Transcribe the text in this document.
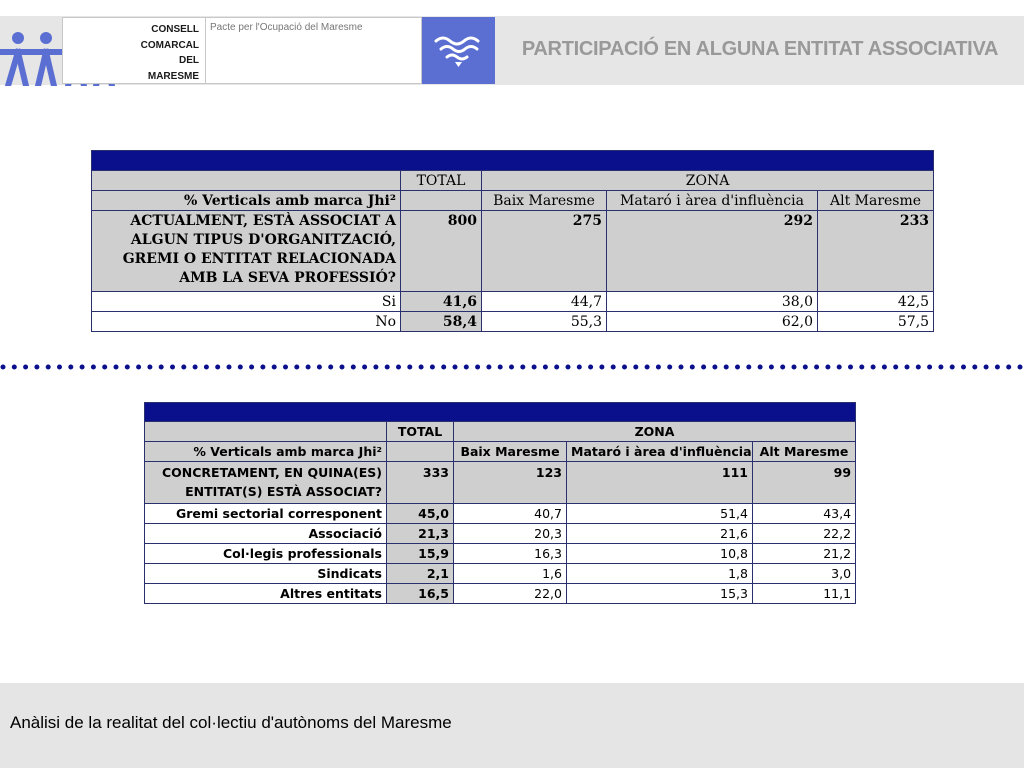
CONSELL
COMARCAL
DEL
MARESME
Pacte per l'Ocupació del Maresme
PARTICIPACIÓ EN ALGUNA ENTITAT ASSOCIATIVA

	TOTAL	ZONA		
% Verticals amb marca Jhi²		Baix Maresme	Mataró i àrea d'influència	Alt Maresme

ACTUALMENT, ESTÀ ASSOCIAT A
ALGUN TIPUS D'ORGANITZACIÓ,
GREMI O ENTITAT RELACIONADA
AMB LA SEVA PROFESSIÓ?	800	275	292	233
Si	41,6	44,7	38,0	42,5
No	58,4	55,3	62,0	57,5

	TOTAL	ZONA		
% Verticals amb marca Jhi²		Baix Maresme	Mataró i àrea d'influència	Alt Maresme

CONCRETAMENT, EN QUINA(ES)
ENTITAT(S) ESTÀ ASSOCIAT?	333	123	111	99
Gremi sectorial corresponent	45,0	40,7	51,4	43,4
Associació	21,3	20,3	21,6	22,2
Col·legis professionals	15,9	16,3	10,8	21,2
Sindicats	2,1	1,6	1,8	3,0
Altres entitats	16,5	22,0	15,3	11,1
Anàlisi de la realitat del col·lectiu d'autònoms del Maresme
